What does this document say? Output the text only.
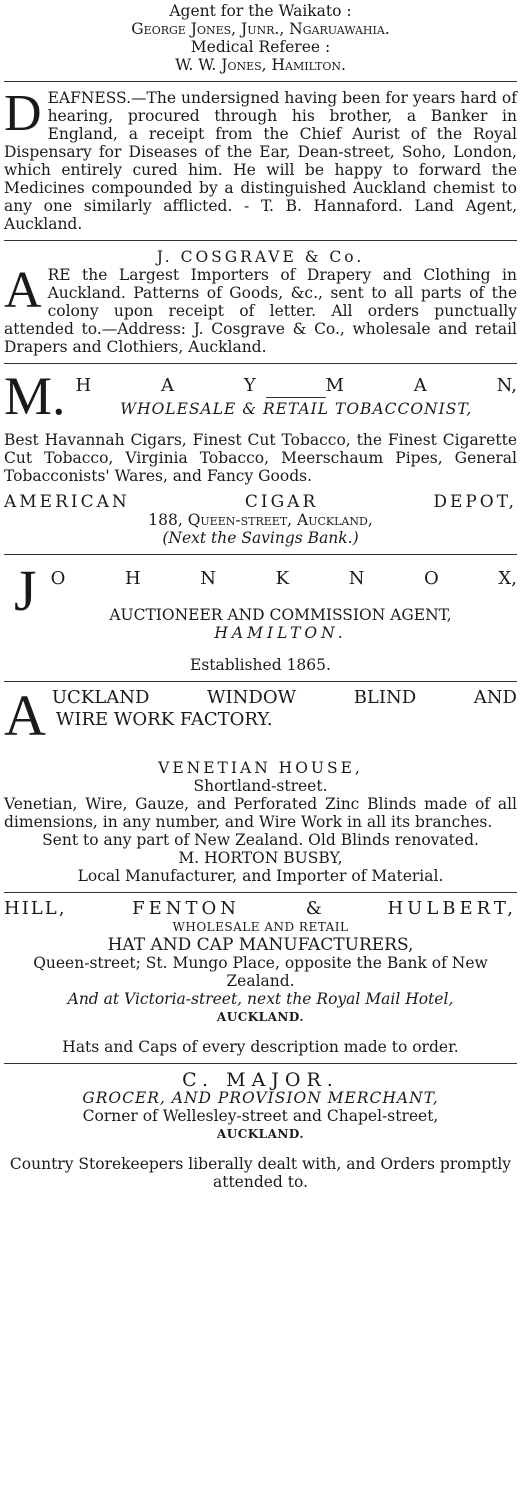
Agent for the Waikato :

George Jones, Junr., Ngaruawahia.

Medical Referee :

W. W. Jones, Hamilton.

D EAFNESS.—The undersigned having been for years hard of hearing, procured through his brother, a Banker in England, a receipt from the Chief Aurist of the Royal Dispensary for Diseases of the Ear, Dean-street, Soho, London, which entirely cured him. He will be happy to forward the Medicines compounded by a distinguished Auckland chemist to any one similarly afflicted. - T. B. Hannaford. Land Agent, Auckland.

J. COSGRAVE & Co.

A RE the Largest Importers of Drapery and Clothing in Auckland. Patterns of Goods, &c., sent to all parts of the colony upon receipt of letter. All orders punctually attended to.—Address: J. Cosgrave & Co., wholesale and retail Drapers and Clothiers, Auckland.

M. H	A	Y	M	A	N,

WHOLESALE & RETAIL TOBACCONIST,

Best Havannah Cigars, Finest Cut Tobacco, the Finest Cigarette Cut Tobacco, Virginia Tobacco, Meerschaum Pipes, General Tobacconists' Wares, and Fancy Goods.

AMERICAN	CIGAR	DEPOT,

188, Queen-street, Auckland,

(Next the Savings Bank.)

J O	H	N	K	N	O	X,

AUCTIONEER AND COMMISSION AGENT,

HAMILTON.

Established 1865.

A UCKLAND	WINDOW	BLIND	AND

WIRE WORK FACTORY.

VENETIAN HOUSE,

Shortland-street.

Venetian, Wire, Gauze, and Perforated Zinc Blinds made of all dimensions, in any number, and Wire Work in all its branches.

Sent to any part of New Zealand. Old Blinds renovated.

M. HORTON BUSBY,

Local Manufacturer, and Importer of Material.

HILL,	FENTON	&	HULBERT,

WHOLESALE AND RETAIL

HAT AND CAP MANUFACTURERS,

Queen-street; St. Mungo Place, opposite the Bank of New Zealand.

And at Victoria-street, next the Royal Mail Hotel,

AUCKLAND.

Hats and Caps of every description made to order.

C. MAJOR.

GROCER, AND PROVISION MERCHANT,

Corner of Wellesley-street and Chapel-street,

AUCKLAND.

Country Storekeepers liberally dealt with, and Orders promptly attended to.
